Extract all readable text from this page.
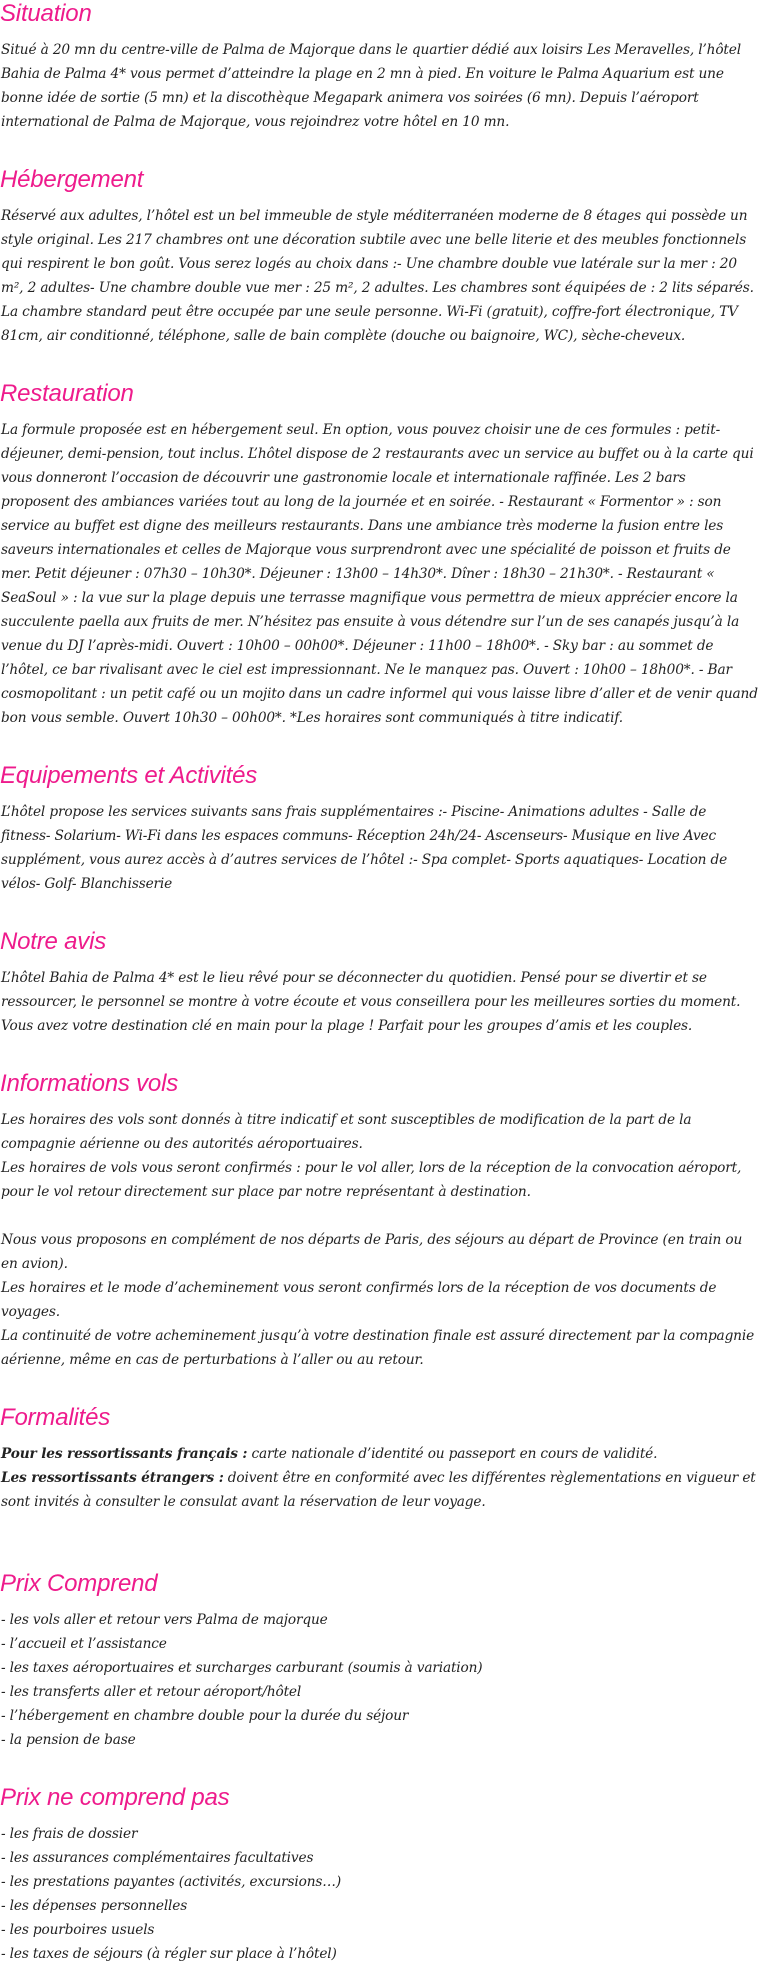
Situation

Situé à 20 mn du centre-ville de Palma de Majorque dans le quartier dédié aux loisirs Les Meravelles, l’hôtel Bahia de Palma 4* vous permet d’atteindre la plage en 2 mn à pied. En voiture le Palma Aquarium est une bonne idée de sortie (5 mn) et la discothèque Megapark animera vos soirées (6 mn). Depuis l’aéroport international de Palma de Majorque, vous rejoindrez votre hôtel en 10 mn.

Hébergement

Réservé aux adultes, l’hôtel est un bel immeuble de style méditerranéen moderne de 8 étages qui possède un style original. Les 217 chambres ont une décoration subtile avec une belle literie et des meubles fonctionnels qui respirent le bon goût. Vous serez logés au choix dans :- Une chambre double vue latérale sur la mer : 20 m², 2 adultes- Une chambre double vue mer : 25 m², 2 adultes. Les chambres sont équipées de : 2 lits séparés. La chambre standard peut être occupée par une seule personne. Wi-Fi (gratuit), coffre-fort électronique, TV 81cm, air conditionné, téléphone, salle de bain complète (douche ou baignoire, WC), sèche-cheveux.

Restauration

La formule proposée est en hébergement seul. En option, vous pouvez choisir une de ces formules : petit-déjeuner, demi-pension, tout inclus. L’hôtel dispose de 2 restaurants avec un service au buffet ou à la carte qui vous donneront l’occasion de découvrir une gastronomie locale et internationale raffinée. Les 2 bars proposent des ambiances variées tout au long de la journée et en soirée. - Restaurant « Formentor » : son service au buffet est digne des meilleurs restaurants. Dans une ambiance très moderne la fusion entre les saveurs internationales et celles de Majorque vous surprendront avec une spécialité de poisson et fruits de mer. Petit déjeuner : 07h30 – 10h30*. Déjeuner : 13h00 – 14h30*. Dîner : 18h30 – 21h30*. - Restaurant « SeaSoul » : la vue sur la plage depuis une terrasse magnifique vous permettra de mieux apprécier encore la succulente paella aux fruits de mer. N’hésitez pas ensuite à vous détendre sur l’un de ses canapés jusqu’à la venue du DJ l’après-midi. Ouvert : 10h00 – 00h00*. Déjeuner : 11h00 – 18h00*. - Sky bar : au sommet de l’hôtel, ce bar rivalisant avec le ciel est impressionnant. Ne le manquez pas. Ouvert : 10h00 – 18h00*. - Bar cosmopolitant : un petit café ou un mojito dans un cadre informel qui vous laisse libre d’aller et de venir quand bon vous semble. Ouvert 10h30 – 00h00*. *Les horaires sont communiqués à titre indicatif.

Equipements et Activités

L’hôtel propose les services suivants sans frais supplémentaires :- Piscine- Animations adultes - Salle de fitness- Solarium- Wi-Fi dans les espaces communs- Réception 24h/24- Ascenseurs- Musique en live Avec supplément, vous aurez accès à d’autres services de l’hôtel :- Spa complet- Sports aquatiques- Location de vélos- Golf- Blanchisserie

Notre avis

L’hôtel Bahia de Palma 4* est le lieu rêvé pour se déconnecter du quotidien. Pensé pour se divertir et se ressourcer, le personnel se montre à votre écoute et vous conseillera pour les meilleures sorties du moment. Vous avez votre destination clé en main pour la plage ! Parfait pour les groupes d’amis et les couples.

Informations vols

Les horaires des vols sont donnés à titre indicatif et sont susceptibles de modification de la part de la compagnie aérienne ou des autorités aéroportuaires.

Les horaires de vols vous seront confirmés : pour le vol aller, lors de la réception de la convocation aéroport, pour le vol retour directement sur place par notre représentant à destination.

Nous vous proposons en complément de nos départs de Paris, des séjours au départ de Province (en train ou en avion).

Les horaires et le mode d’acheminement vous seront confirmés lors de la réception de vos documents de voyages.

La continuité de votre acheminement jusqu’à votre destination finale est assuré directement par la compagnie aérienne, même en cas de perturbations à l’aller ou au retour.

Formalités

Pour les ressortissants français : carte nationale d’identité ou passeport en cours de validité.

Les ressortissants étrangers : doivent être en conformité avec les différentes règlementations en vigueur et sont invités à consulter le consulat avant la réservation de leur voyage.

Prix Comprend
- les vols aller et retour vers Palma de majorque
- l’accueil et l’assistance
- les taxes aéroportuaires et surcharges carburant (soumis à variation)
- les transferts aller et retour aéroport/hôtel
- l’hébergement en chambre double pour la durée du séjour
- la pension de base
Prix ne comprend pas
- les frais de dossier
- les assurances complémentaires facultatives
- les prestations payantes (activités, excursions…)
- les dépenses personnelles
- les pourboires usuels
- les taxes de séjours (à régler sur place à l’hôtel)
